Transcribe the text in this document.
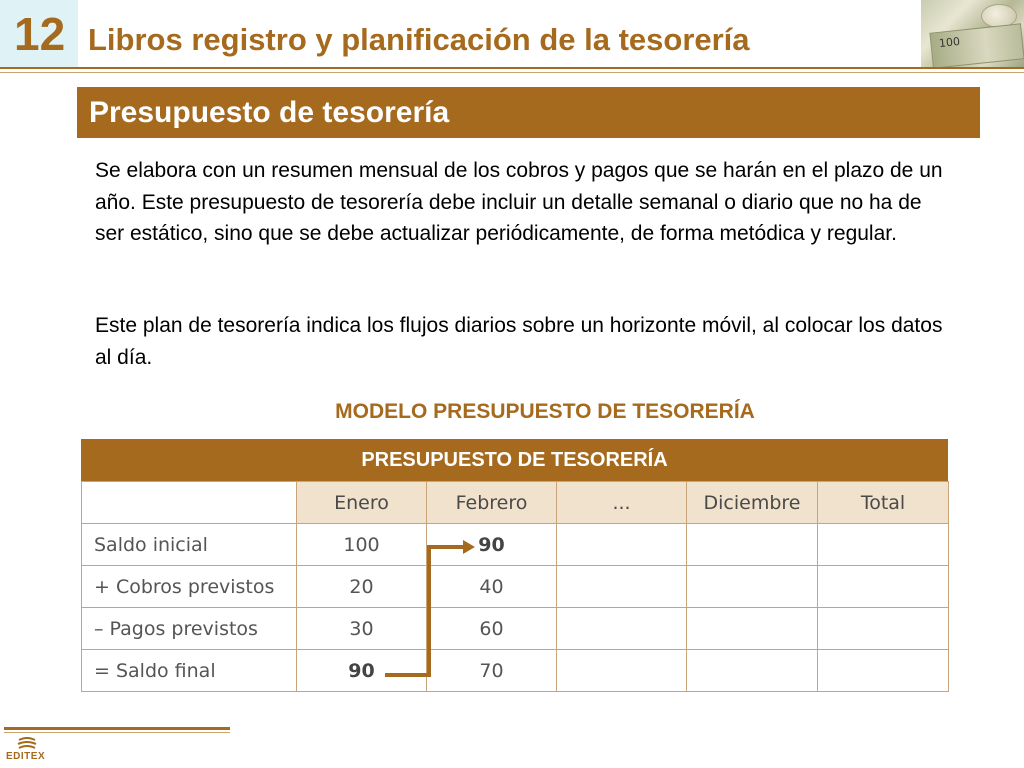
12 Libros registro y planificación de la tesorería	100
Presupuesto de tesorería
Se elabora con un resumen mensual de los cobros y pagos que se harán en el plazo de un año. Este presupuesto de tesorería debe incluir un detalle semanal o diario que no ha de ser estático, sino que se debe actualizar periódicamente, de forma metódica y regular.
Este plan de tesorería indica los flujos diarios sobre un horizonte móvil, al colocar los datos al día.
MODELO PRESUPUESTO DE TESORERÍA
PRESUPUESTO DE TESORERÍA
	Enero	Febrero	...	Diciembre	Total
Saldo inicial	100	90			
+ Cobros previstos	20	40			
– Pagos previstos	30	60			
= Saldo final	90	70			
EDITEX
